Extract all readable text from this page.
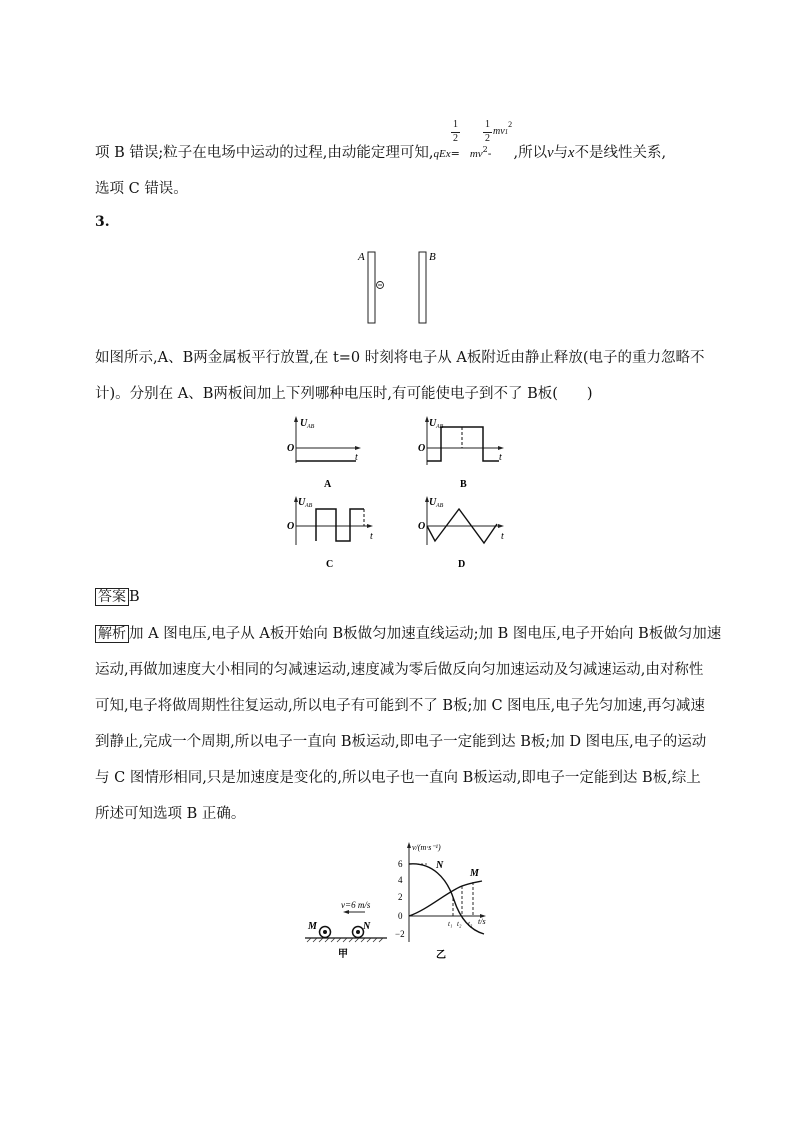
1
2
1
2
$mv1^2$
项 B 错误;粒子在电场中运动的过程,由动能定理可知$,qEx= mv^2-$ ,所以v与x不是线性关系,
选项 C 错误。
3.
A	B
如图所示,A、B两金属板平行放置,在 t=0 时刻将电子从 A板附近由静止释放(电子的重力忽略不
计)。分别在 A、B两板间加上下列哪种电压时,有可能使电子到不了 B板(　　)
U AB
O
t
A
U AB
O
t
B
U AB
O
t
C
U AB
O
t
D
答案 B
解析 加 A 图电压,电子从 A板开始向 B板做匀加速直线运动;加 B 图电压,电子开始向 B板做匀加速
运动,再做加速度大小相同的匀减速运动,速度减为零后做反向匀加速运动及匀减速运动,由对称性
可知,电子将做周期性往复运动,所以电子有可能到不了 B板;加 C 图电压,电子先匀加速,再匀减速
到静止,完成一个周期,所以电子一直向 B板运动,即电子一定能到达 B板;加 D 图电压,电子的运动
与 C 图情形相同,只是加速度是变化的,所以电子也一直向 B板运动,即电子一定能到达 B板,综上
所述可知选项 B 正确。
v=6 m/s
M	N
甲
v/(m·s⁻¹)
6
4
2
0
−2
N
M
t₁ t₂ t₃ t/s
乙
